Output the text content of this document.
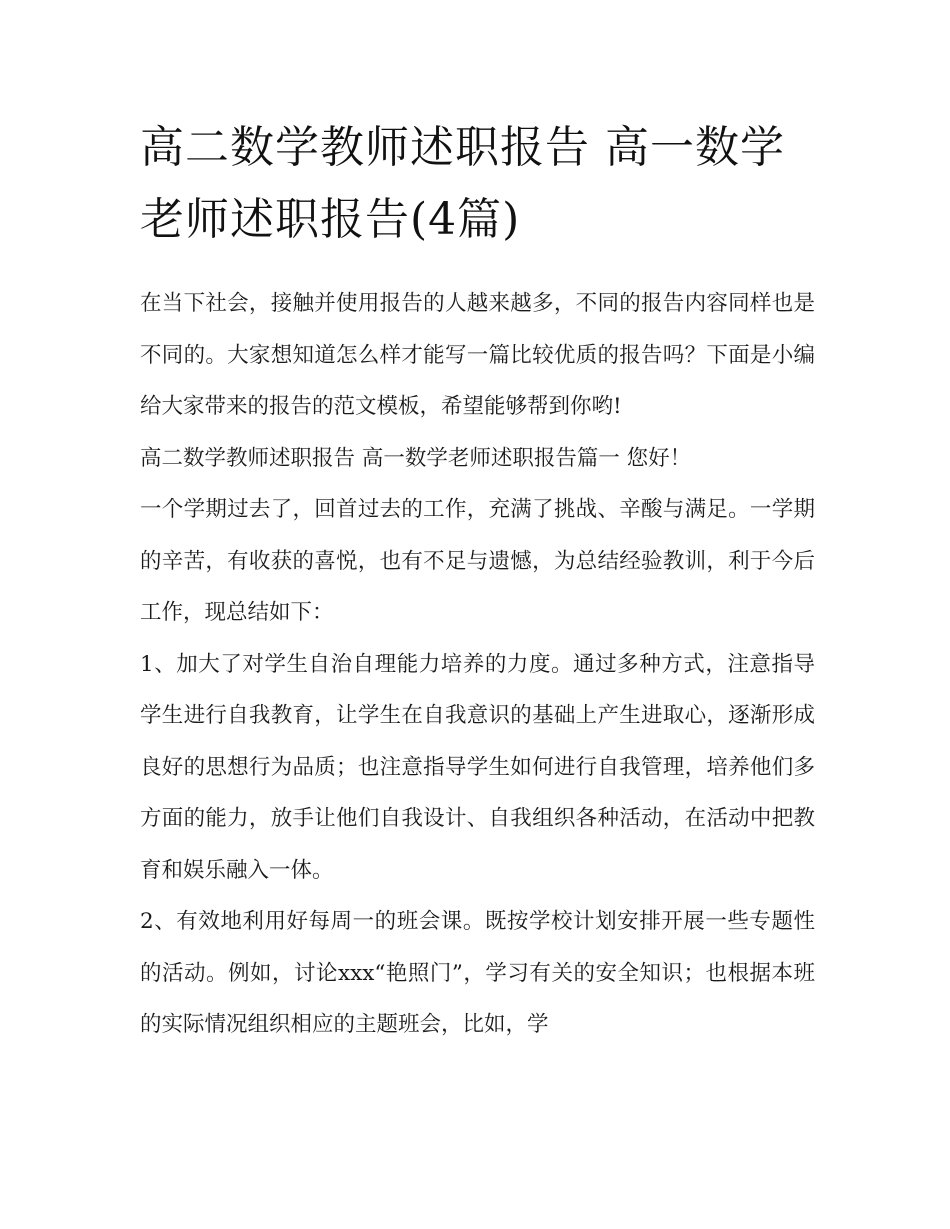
高二数学教师述职报告 高一数学老师述职报告(4篇)

在当下社会，接触并使用报告的人越来越多，不同的报告内容同样也是不同的。大家想知道怎么样才能写一篇比较优质的报告吗？下面是小编给大家带来的报告的范文模板，希望能够帮到你哟!

高二数学教师述职报告 高一数学老师述职报告篇一 您好！

一个学期过去了，回首过去的工作，充满了挑战、辛酸与满足。一学期的辛苦，有收获的喜悦，也有不足与遗憾，为总结经验教训，利于今后工作，现总结如下：

1、加大了对学生自治自理能力培养的力度。通过多种方式，注意指导学生进行自我教育，让学生在自我意识的基础上产生进取心，逐渐形成良好的思想行为品质；也注意指导学生如何进行自我管理，培养他们多方面的能力，放手让他们自我设计、自我组织各种活动，在活动中把教育和娱乐融入一体。

2、有效地利用好每周一的班会课。既按学校计划安排开展一些专题性的活动。例如，讨论xxx“艳照门”，学习有关的安全知识；也根据本班的实际情况组织相应的主题班会，比如，学
